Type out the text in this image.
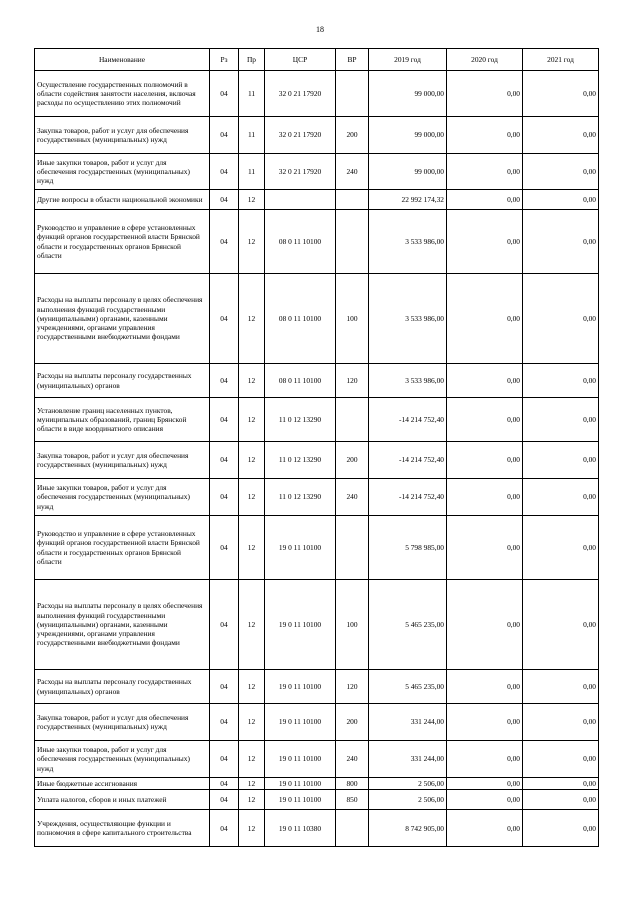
18
Наименование	Рз	Пр	ЦСР	ВР	2019 год	2020 год	2021 год
Осуществление государственных полномочий в области содействия занятости населения, включая расходы по осуществлению этих полномочий	04	11	32 0 21 17920		99 000,00	0,00	0,00
Закупка товаров, работ и услуг для обеспечения государственных (муниципальных) нужд	04	11	32 0 21 17920	200	99 000,00	0,00	0,00
Иные закупки товаров, работ и услуг для обеспечения государственных (муниципальных) нужд	04	11	32 0 21 17920	240	99 000,00	0,00	0,00
Другие вопросы в области национальной экономики	04	12			22 992 174,32	0,00	0,00
Руководство и управление в сфере установленных функций органов государственной власти Брянской области и государственных органов Брянской области	04	12	08 0 11 10100		3 533 986,00	0,00	0,00
Расходы на выплаты персоналу в целях обеспечения выполнения функций государственными (муниципальными) органами, казенными учреждениями, органами управления государственными внебюджетными фондами	04	12	08 0 11 10100	100	3 533 986,00	0,00	0,00
Расходы на выплаты персоналу государственных (муниципальных) органов	04	12	08 0 11 10100	120	3 533 986,00	0,00	0,00
Установление границ населенных пунктов, муниципальных образований, границ Брянской области в виде координатного описания	04	12	11 0 12 13290		-14 214 752,40	0,00	0,00
Закупка товаров, работ и услуг для обеспечения государственных (муниципальных) нужд	04	12	11 0 12 13290	200	-14 214 752,40	0,00	0,00
Иные закупки товаров, работ и услуг для обеспечения государственных (муниципальных) нужд	04	12	11 0 12 13290	240	-14 214 752,40	0,00	0,00
Руководство и управление в сфере установленных функций органов государственной власти Брянской области и государственных органов Брянской области	04	12	19 0 11 10100		5 798 985,00	0,00	0,00
Расходы на выплаты персоналу в целях обеспечения выполнения функций государственными (муниципальными) органами, казенными учреждениями, органами управления государственными внебюджетными фондами	04	12	19 0 11 10100	100	5 465 235,00	0,00	0,00
Расходы на выплаты персоналу государственных (муниципальных) органов	04	12	19 0 11 10100	120	5 465 235,00	0,00	0,00
Закупка товаров, работ и услуг для обеспечения государственных (муниципальных) нужд	04	12	19 0 11 10100	200	331 244,00	0,00	0,00
Иные закупки товаров, работ и услуг для обеспечения государственных (муниципальных) нужд	04	12	19 0 11 10100	240	331 244,00	0,00	0,00
Иные бюджетные ассигнования	04	12	19 0 11 10100	800	2 506,00	0,00	0,00
Уплата налогов, сборов и иных платежей	04	12	19 0 11 10100	850	2 506,00	0,00	0,00
Учреждения, осуществляющие функции и полномочия в сфере капитального строительства	04	12	19 0 11 10380		8 742 905,00	0,00	0,00
